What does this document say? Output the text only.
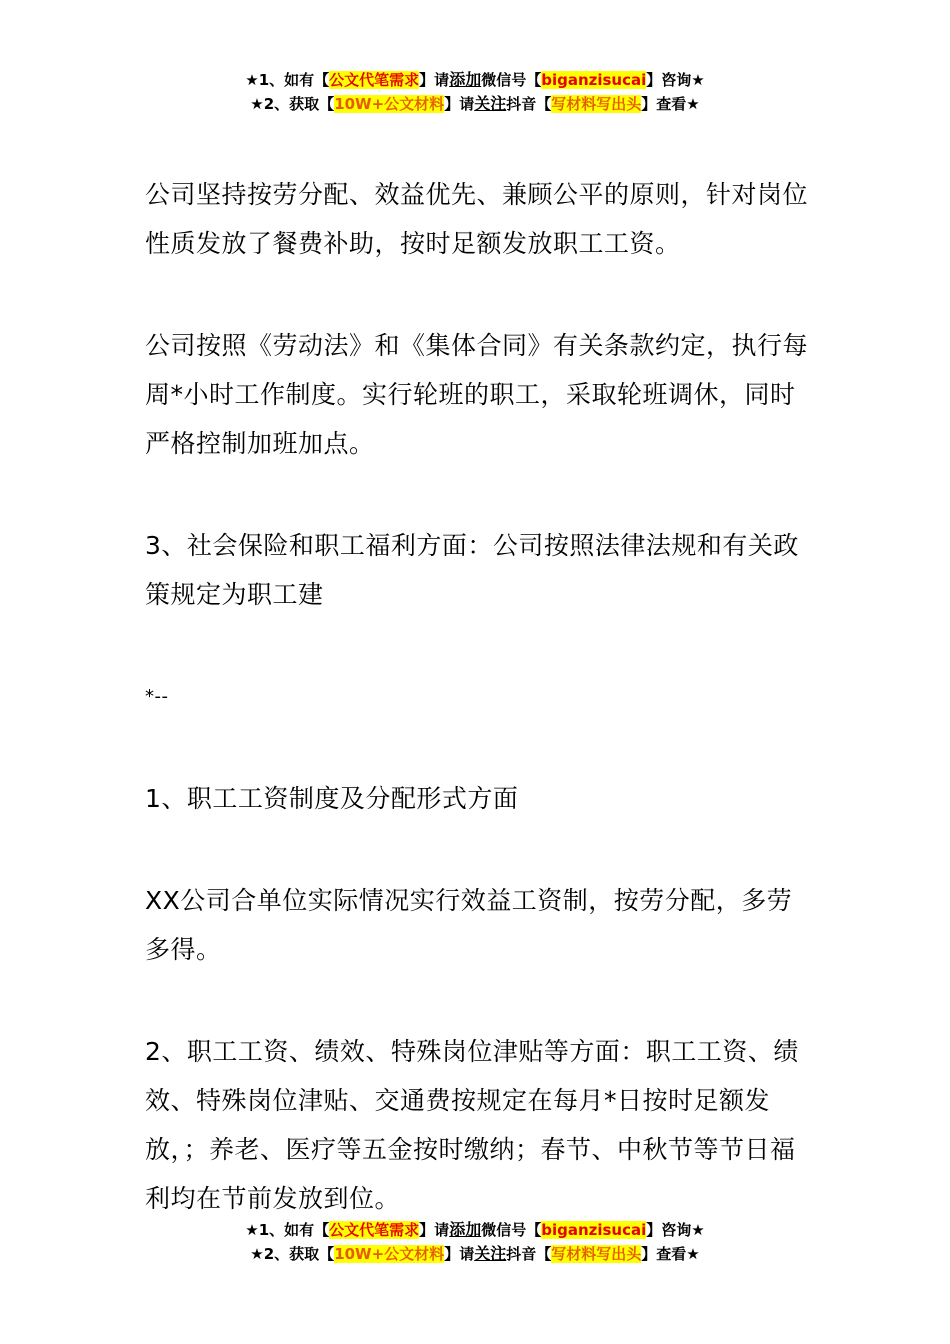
★1、如有【公文代笔需求】请添加微信号【biganzisucai】咨询★
★2、获取【10W+公文材料】请关注抖音【写材料写出头】查看★

公司坚持按劳分配、效益优先、兼顾公平的原则，针对岗位性质发放了餐费补助，按时足额发放职工工资。

公司按照《劳动法》和《集体合同》有关条款约定，执行每周*小时工作制度。实行轮班的职工，采取轮班调休，同时严格控制加班加点。

3、社会保险和职工福利方面：公司按照法律法规和有关政策规定为职工建

*--

1、职工工资制度及分配形式方面

XX公司合单位实际情况实行效益工资制，按劳分配，多劳多得。

2、职工工资、绩效、特殊岗位津贴等方面：职工工资、绩效、特殊岗位津贴、交通费按规定在每月*日按时足额发放，；养老、医疗等五金按时缴纳；春节、中秋节等节日福利均在节前发放到位。

★1、如有【公文代笔需求】请添加微信号【biganzisucai】咨询★
★2、获取【10W+公文材料】请关注抖音【写材料写出头】查看★
